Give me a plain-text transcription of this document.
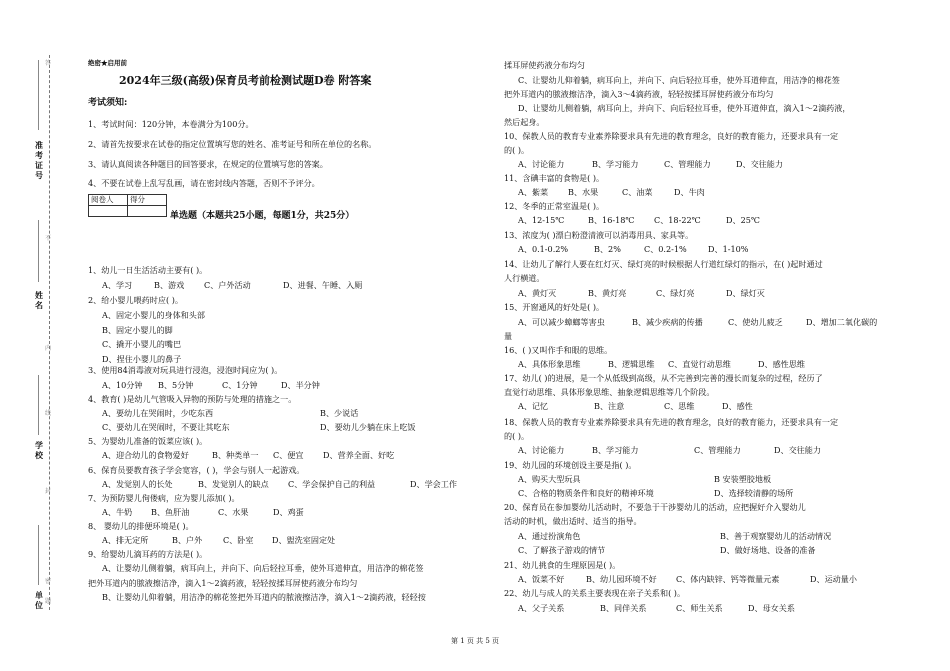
准考证号
姓名
学校
单位
答
不
内
线
封
密
题
绝密★启用前
2024年三级(高级)保育员考前检测试题D卷 附答案
考试须知:
1、考试时间：120分钟，本卷满分为100分。
2、请首先按要求在试卷的指定位置填写您的姓名、准考证号和所在单位的名称。
3、请认真阅读各种题目的回答要求，在规定的位置填写您的答案。
4、不要在试卷上乱写乱画，请在密封线内答题，否则不予评分。
阅卷人	得分

单选题（本题共25小题，每题1分，共25分）
1、幼儿一日生活活动主要有( )。
A、学习	B、游戏 C、户外活动	D、进餐、午睡、入厕
2、给小婴儿喂药时应( )。
A、固定小婴儿的身体和头部
B、固定小婴儿的脚
C、撬开小婴儿的嘴巴
D、捏住小婴儿的鼻子
3、使用84消毒液对玩具进行浸泡，浸泡时间应为( )。
A、10分钟 B、5分钟	C、1分钟	D、半分钟
4、教育( )是幼儿气管吸入异物的预防与处理的措施之一。
A、要幼儿在哭闹时，少吃东西	B、少说话
C、要幼儿在哭闹时，不要让其吃东	D、要幼儿少躺在床上吃饭
5、为婴幼儿准备的饭菜应该( )。
A、迎合幼儿的食物爱好	B、种类单一 C、便宜 D、营养全面、好吃
6、保育员要教育孩子学会宽容，( )，学会与别人一起游戏。
A、发觉别人的长处	B、发觉别人的缺点 C、学会保护自己的利益	D、学会工作
7、为预防婴儿佝偻病，应为婴儿添加( )。
A、牛奶 B、鱼肝油	C、水果	D、鸡蛋
8、 婴幼儿的排便环境是( )。
A、排无定所	B、户外	C、卧室 D、盥洗室固定处
9、给婴幼儿滴耳药的方法是( )。
A、让婴幼儿侧着躺，病耳向上，并向下、向后轻拉耳垂，使外耳道伸直，用洁净的棉花签
把外耳道内的脓液擦洁净，滴入1～2滴药液，轻轻按揉耳屏使药液分布均匀
B、让婴幼儿仰着躺，用洁净的棉花签把外耳道内的脓液擦洁净，滴入1～2滴药液，轻轻按
揉耳屏使药液分布均匀
C、让婴幼儿仰着躺，病耳向上，并向下、向后轻拉耳垂，使外耳道伸直，用洁净的棉花签
把外耳道内的脓液擦洁净，滴入3～4滴药液，轻轻按揉耳屏使药液分布均匀
D、让婴幼儿侧着躺，病耳向上，并向下、向后轻拉耳垂，使外耳道伸直，滴入1～2滴药液，
然后起身。
10、保教人员的教育专业素养除要求具有先进的教育理念，良好的教育能力，还要求具有一定
的( )。
A、讨论能力	B、学习能力	C、管理能力	D、交往能力
11、含碘丰富的食物是( )。
A、紫菜 B、水果	C、油菜	D、牛肉
12、冬季的正常室温是( )。
A、12-15℃	B、16-18℃ C、18-22℃	D、25℃
13、浓度为( )漂白粉澄清液可以消毒用具、家具等。
A、0.1-0.2%	B、2%	C、0.2-1%	D、1-10%
14、让幼儿了解行人要在红灯灭、绿灯亮的时候根据人行道红绿灯的指示，在( )起时通过
人行横道。
A、黄灯灭	B、黄灯亮	C、绿灯亮	D、绿灯灭
15、开窗通风的好处是( )。
A、可以减少蟑螂等害虫	B、减少疾病的传播	C、使幼儿疲乏	D、增加二氧化碳的
量
16、( )又叫作手和眼的思维。
A、具体形象思维	B、逻辑思维 C、直觉行动思维	D、感性思维
17、幼儿( )的进展，是一个从低级到高级，从不完善到完善的漫长而复杂的过程，经历了
直觉行动思维、具体形象思维、抽象逻辑思维等几个阶段。
A、记忆	B、注意	C、思维	D、感性
18、保教人员的教育专业素养除要求具有先进的教育理念，良好的教育能力，还要求具有一定
的( )。
A、讨论能力	B、学习能力	C、管理能力	D、交往能力
19、幼儿园的环境创设主要是指( )。
A、购买大型玩具	B 安装塑胶地板
C、合格的物质条件和良好的精神环境	D、选择较清静的场所
20、保育员在参加婴幼儿活动时，不要急于干涉婴幼儿的活动，应把握好介入婴幼儿
活动的时机，做出适时、适当的指导。
A、通过扮演角色	B、善于观察婴幼儿的活动情况
C、了解孩子游戏的情节	D、做好场地、设备的准备
21、幼儿挑食的生理原因是( )。
A、饭菜不好	B、幼儿园环境不好 C、体内缺锌、钙等微量元素	D、运动量小
22、幼儿与成人的关系主要表现在亲子关系和( )。
A、父子关系	B、同伴关系	C、师生关系	D、母女关系
第 1 页 共 5 页
